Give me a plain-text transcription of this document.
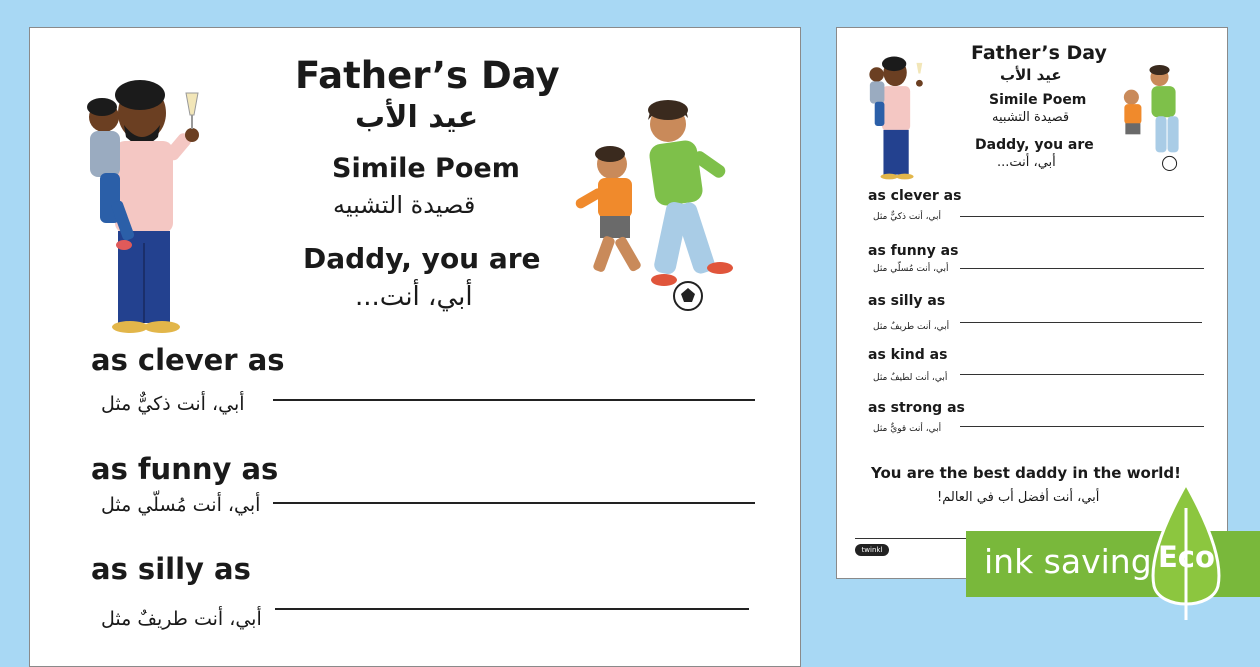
Father’s Day
عيد الأب
Simile Poem
قصيدة التشبيه
Daddy, you are
أبي، أنت...
as clever as
أبي، أنت ذكيٌّ مثل
as funny as
أبي، أنت مُسلّي مثل
as silly as
أبي، أنت طريفٌ مثل
Father’s Day
عيد الأب
Simile Poem
قصيدة التشبيه
Daddy, you are
أبي، أنت...
as clever as
أبي، أنت ذكيٌّ مثل
as funny as
أبي، أنت مُسلّي مثل
as silly as
أبي، أنت طريفٌ مثل
as kind as
أبي، أنت لطيفٌ مثل
as strong as
أبي، أنت قويٌّ مثل
You are the best daddy in the world!
أبي، أنت أفضل أب في العالم!
twinkl	ink saving Eco
